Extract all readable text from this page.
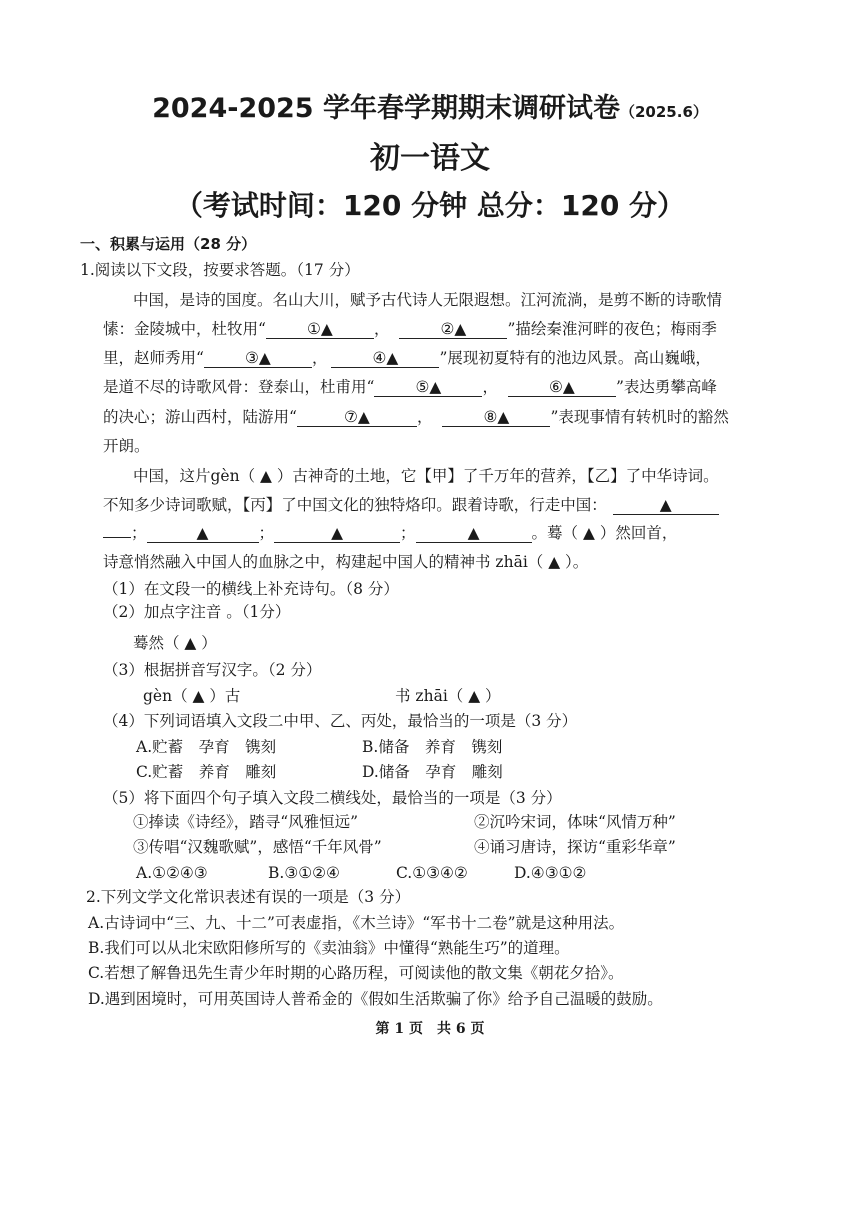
2024-2025 学年春学期期末调研试卷（2025.6）
初一语文
（考试时间：120 分钟 总分：120 分）
一、积累与运用（28 分）
1.阅读以下文段，按要求答题。（17 分）
中国，是诗的国度。名山大川，赋予古代诗人无限遐想。江河流淌，是剪不断的诗歌情
愫：金陵城中，杜牧用“	①▲	，	②▲	”描绘秦淮河畔的夜色；梅雨季
里，赵师秀用“	③▲	，	④▲	”展现初夏特有的池边风景。高山巍峨，
是道不尽的诗歌风骨：登泰山，杜甫用“	⑤▲	，	⑥▲	”表达勇攀高峰
的决心；游山西村，陆游用“	⑦▲	，	⑧▲	”表现事情有转机时的豁然
开朗。
中国，这片gèn（ ▲ ）古神奇的土地，它【甲】了千万年的营养，【乙】了中华诗词。
不知多少诗词歌赋，【丙】了中国文化的独特烙印。跟着诗歌，行走中国：	▲
；	▲	；	▲	；	▲	。蓦（ ▲ ）然回首，
诗意悄然融入中国人的血脉之中，构建起中国人的精神书 zhāi（ ▲ ）。
（1）在文段一的横线上补充诗句。（8 分）
（2）加点字注音 。（1分）
蓦然（ ▲ ）
（3）根据拼音写汉字。（2 分）
gèn（ ▲ ）古	书 zhāi（ ▲ ）
（4）下列词语填入文段二中甲、乙、丙处，最恰当的一项是（3 分）
A.贮蓄　孕育　镌刻	B.储备　养育　镌刻
C.贮蓄　养育　雕刻	D.储备　孕育　雕刻
（5）将下面四个句子填入文段二横线处，最恰当的一项是（3 分）
①捧读《诗经》，踏寻“风雅恒远”	②沉吟宋词，体味“风情万种”
③传唱“汉魏歌赋”，感悟“千年风骨”	④诵习唐诗，探访“重彩华章”
A.①②④③	B.③①②④	C.①③④②	D.④③①②
2.下列文学文化常识表述有误的一项是（3 分）
A.古诗词中“三、九、十二”可表虚指，《木兰诗》“军书十二卷”就是这种用法。
B.我们可以从北宋欧阳修所写的《卖油翁》中懂得“熟能生巧”的道理。
C.若想了解鲁迅先生青少年时期的心路历程，可阅读他的散文集《朝花夕拾》。
D.遇到困境时，可用英国诗人普希金的《假如生活欺骗了你》给予自己温暖的鼓励。
第 1 页　共 6 页
